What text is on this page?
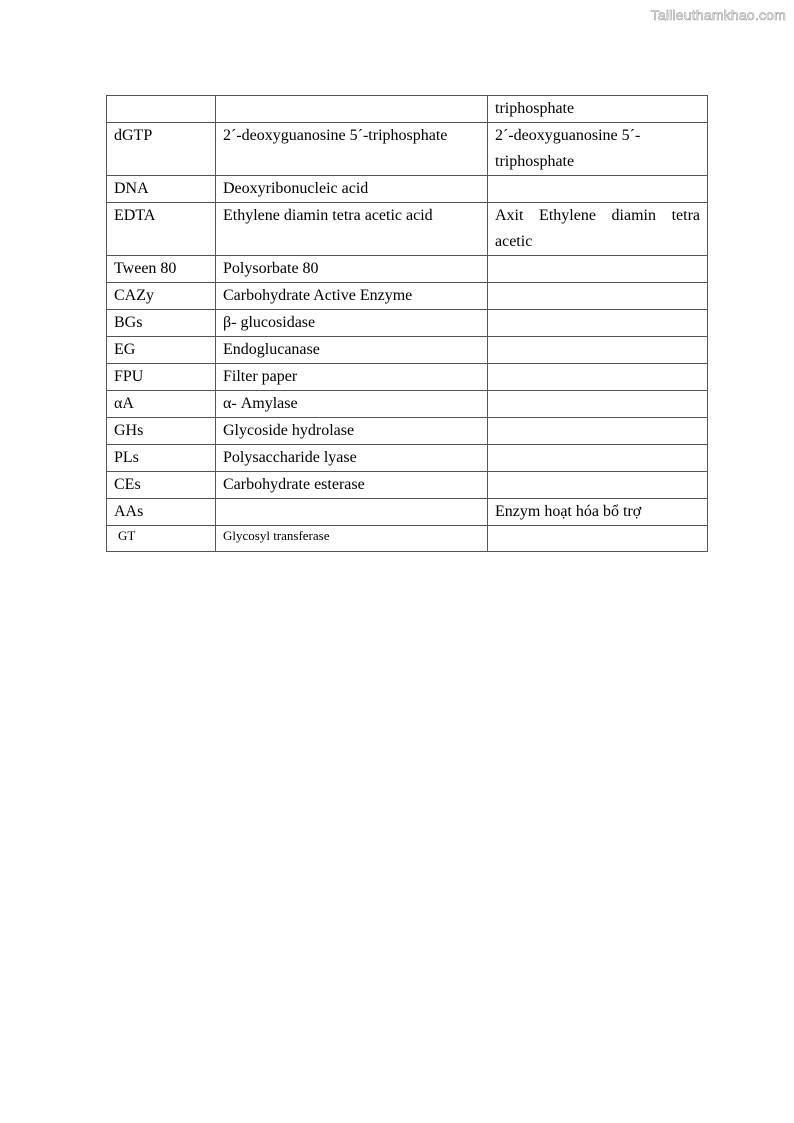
Tailieuthamkhao.com
		triphosphate
dGTP	2´-deoxyguanosine 5´-triphosphate	2´-deoxyguanosine 5´-triphosphate
DNA	Deoxyribonucleic acid	
EDTA	Ethylene diamin tetra acetic acid	Axit Ethylene diamin tetra acetic
Tween 80	Polysorbate 80	
CAZy	Carbohydrate Active Enzyme	
BGs	β- glucosidase	
EG	Endoglucanase	
FPU	Filter paper	
αA	α- Amylase	
GHs	Glycoside hydrolase	
PLs	Polysaccharide lyase	
CEs	Carbohydrate esterase	
AAs		Enzym hoạt hóa bổ trợ
GT	Glycosyl transferase	
